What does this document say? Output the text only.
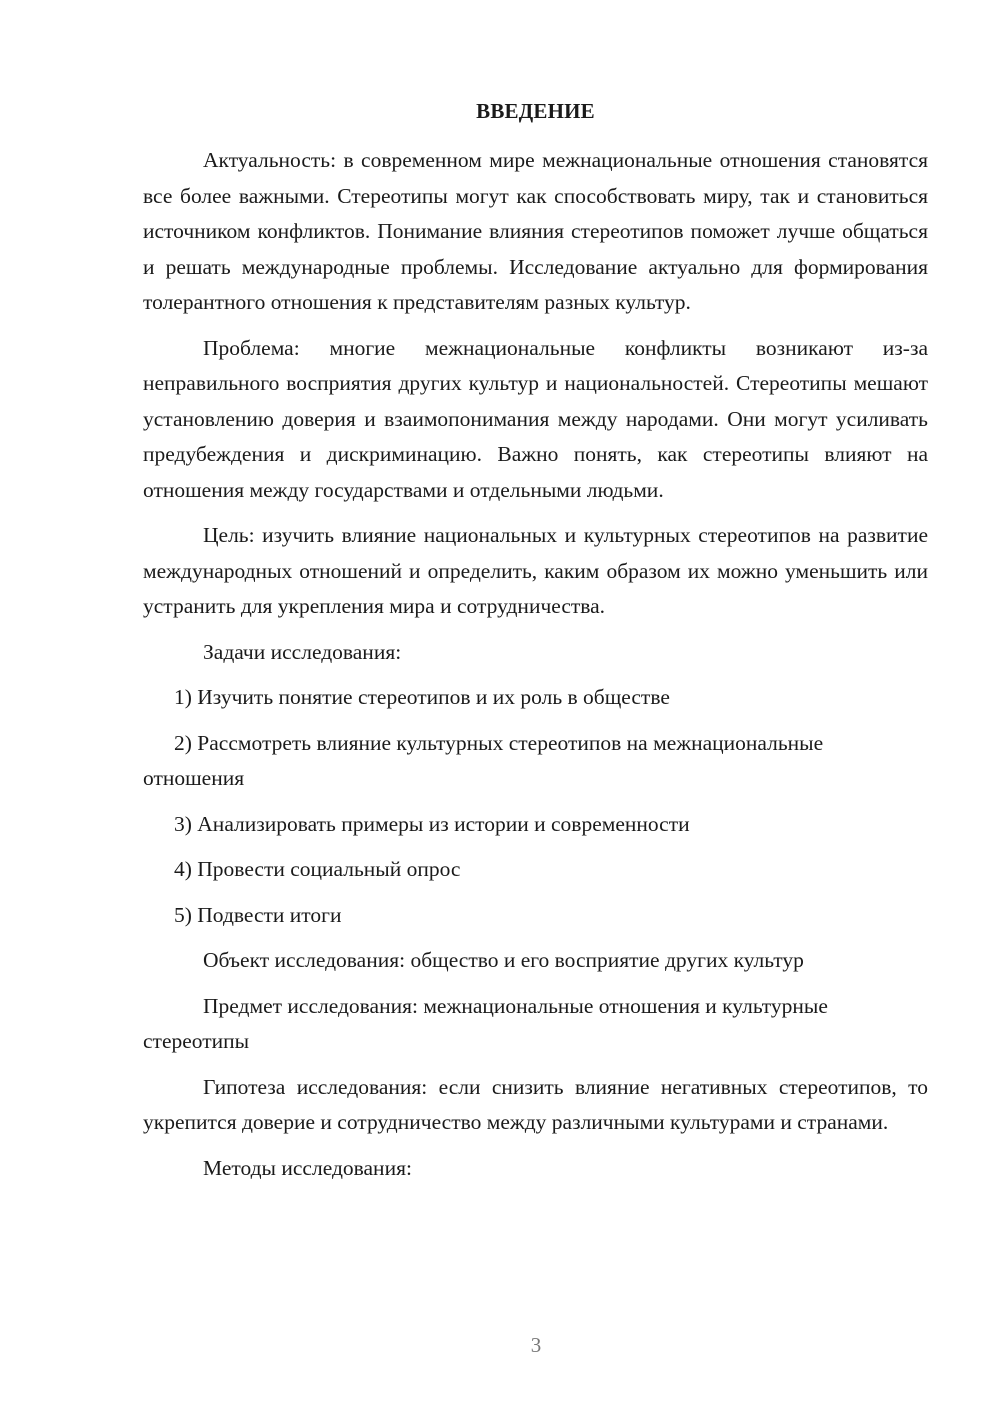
ВВЕДЕНИЕ

Актуальность: в современном мире межнациональные отношения становятся все более важными. Стереотипы могут как способствовать миру, так и становиться источником конфликтов. Понимание влияния стереотипов поможет лучше общаться и решать международные проблемы. Исследование актуально для формирования толерантного отношения к представителям разных культур.

Проблема: многие межнациональные конфликты возникают из-за неправильного восприятия других культур и национальностей. Стереотипы мешают установлению доверия и взаимопонимания между народами. Они могут усиливать предубеждения и дискриминацию. Важно понять, как стереотипы влияют на отношения между государствами и отдельными людьми.

Цель: изучить влияние национальных и культурных стереотипов на развитие международных отношений и определить, каким образом их можно уменьшить или устранить для укрепления мира и сотрудничества.

Задачи исследования:

1) Изучить понятие стереотипов и их роль в обществе

2) Рассмотреть влияние культурных стереотипов на межнациональные отношения

3) Анализировать примеры из истории и современности

4) Провести социальный опрос

5) Подвести итоги

Объект исследования: общество и его восприятие других культур

Предмет исследования: межнациональные отношения и культурные стереотипы

Гипотеза исследования: если снизить влияние негативных стереотипов, то укрепится доверие и сотрудничество между различными культурами и странами.

Методы исследования:

3
